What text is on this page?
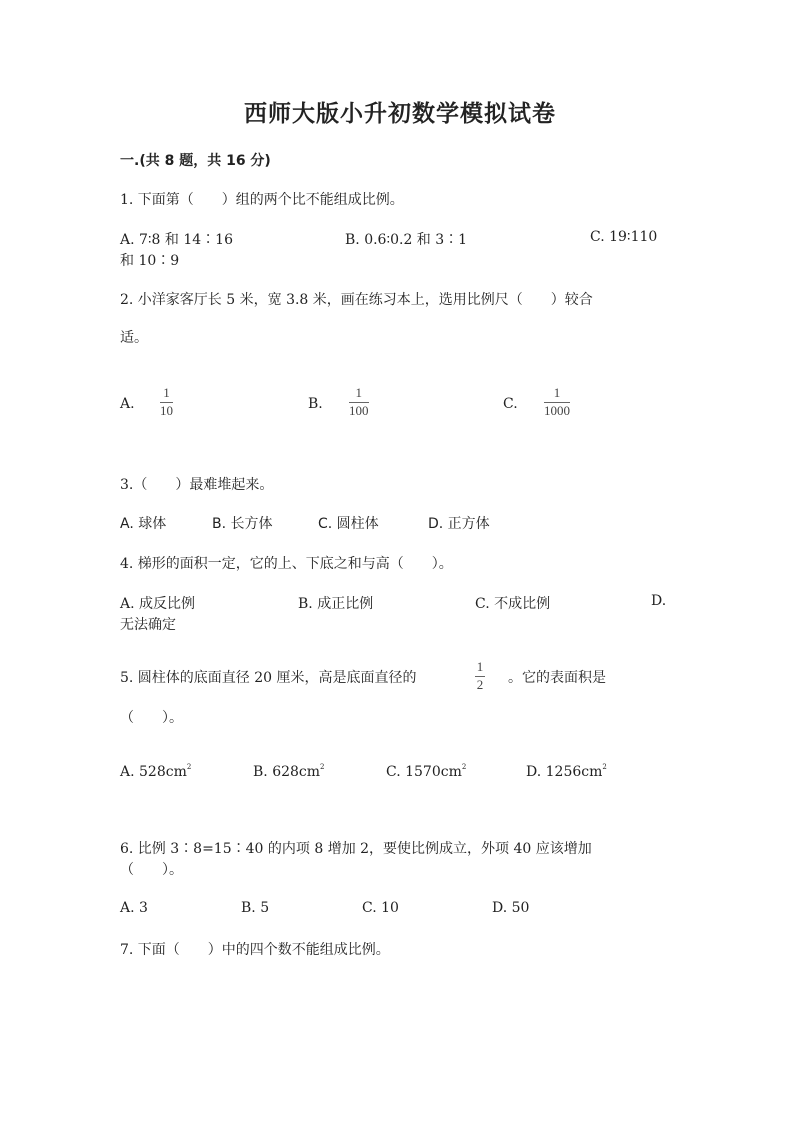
西师大版小升初数学模拟试卷
一.(共 8 题，共 16 分)
1. 下面第（　　）组的两个比不能组成比例。
A. 7∶8 和 14∶16	B. 0.6∶0.2 和 3∶1	C. 19∶110
和 10∶9
2. 小洋家客厅长 5 米，宽 3.8 米，画在练习本上，选用比例尺（　　）较合
适。
A.
1
10	B.
1
100	C.
1
1000
3.（　　）最难堆起来。
A. 球体	B. 长方体	C. 圆柱体	D. 正方体
4. 梯形的面积一定，它的上、下底之和与高（　　）。
A. 成反比例	B. 成正比例	C. 不成比例	D.
无法确定
5. 圆柱体的底面直径 20 厘米，高是底面直径的
1
2 。它的表面积是
（　　）。
A. $528cm^2$	B. $628cm^2$	C. $1570cm^2$	D. $1256cm^2$
6. 比例 3∶8=15∶40 的内项 8 增加 2，要使比例成立，外项 40 应该增加
（　　）。
A. 3	B. 5	C. 10	D. 50
7. 下面（　　）中的四个数不能组成比例。
